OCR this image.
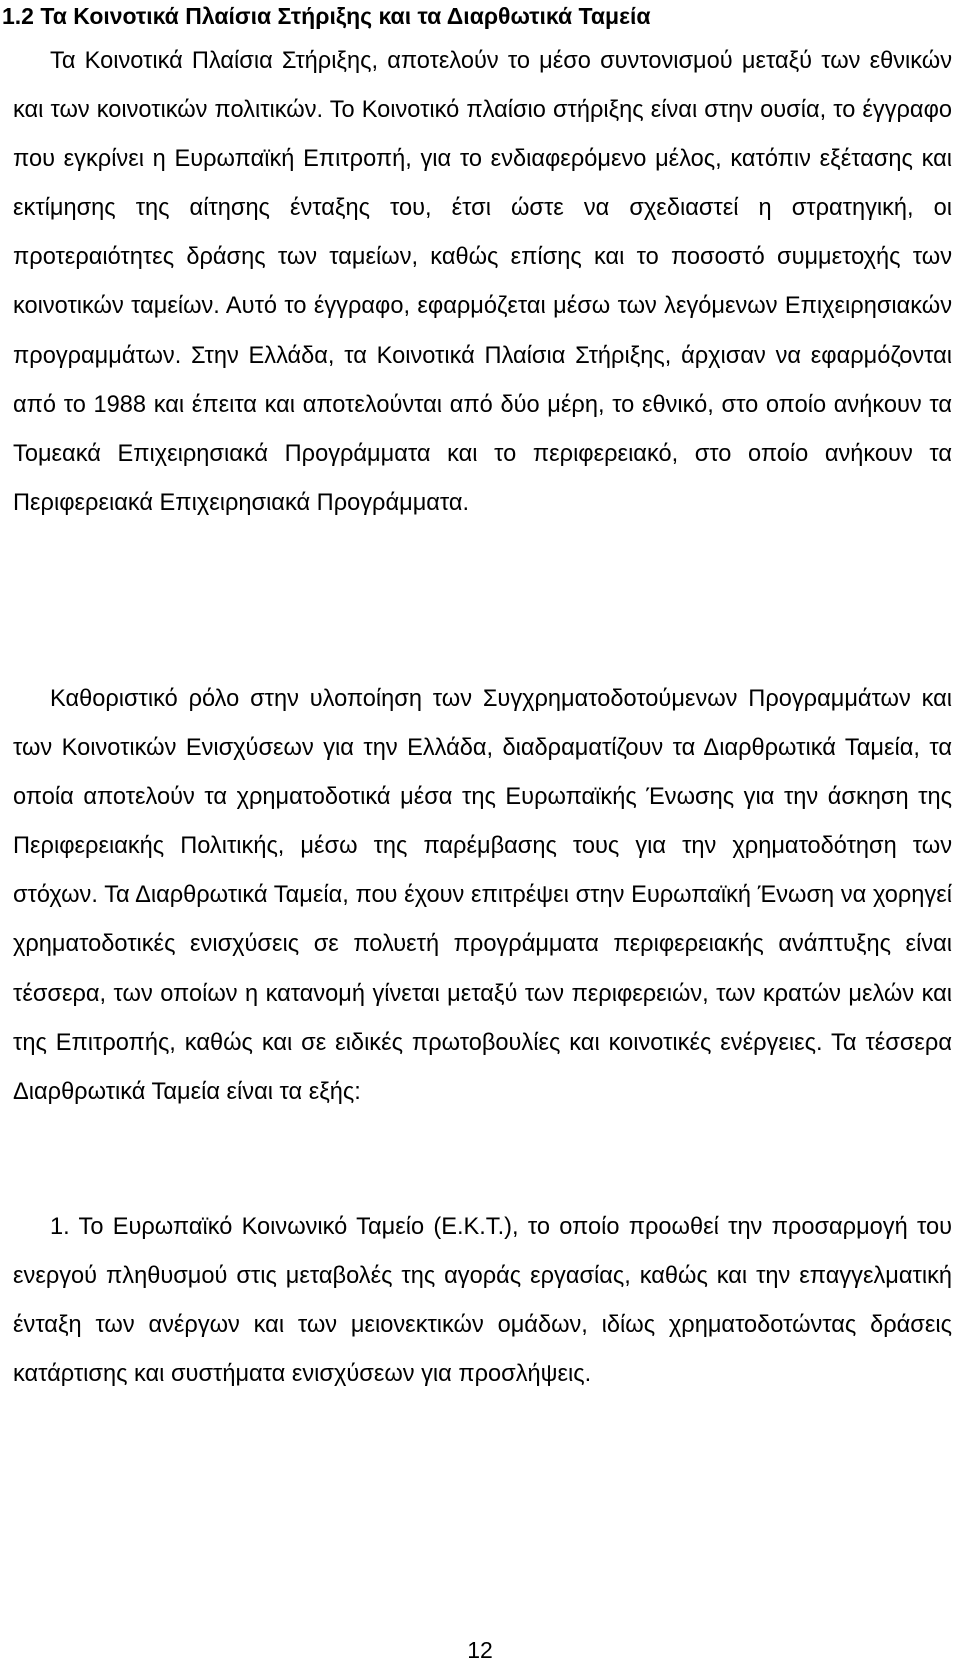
1.2 Τα Κοινοτικά Πλαίσια Στήριξης και τα Διαρθωτικά Ταμεία

Τα Κοινοτικά Πλαίσια Στήριξης, αποτελούν το μέσο συντονισμού μεταξύ των εθνικών και των κοινοτικών πολιτικών. Το Κοινοτικό πλαίσιο στήριξης είναι στην ουσία, το έγγραφο που εγκρίνει η Ευρωπαϊκή Επιτροπή, για το ενδιαφερόμενο μέλος, κατόπιν εξέτασης και εκτίμησης της αίτησης ένταξης του, έτσι ώστε να σχεδιαστεί η στρατηγική, οι προτεραιότητες δράσης των ταμείων, καθώς επίσης και το ποσοστό συμμετοχής των κοινοτικών ταμείων. Αυτό το έγγραφο, εφαρμόζεται μέσω των λεγόμενων Επιχειρησιακών προγραμμάτων. Στην Ελλάδα, τα Κοινοτικά Πλαίσια Στήριξης, άρχισαν να εφαρμόζονται από το 1988 και έπειτα και αποτελούνται από δύο μέρη, το εθνικό, στο οποίο ανήκουν τα Τομεακά Επιχειρησιακά Προγράμματα και το περιφερειακό, στο οποίο ανήκουν τα Περιφερειακά Επιχειρησιακά Προγράμματα.

Καθοριστικό ρόλο στην υλοποίηση των Συγχρηματοδοτούμενων Προγραμμάτων και των Κοινοτικών Ενισχύσεων για την Ελλάδα, διαδραματίζουν τα Διαρθρωτικά Ταμεία, τα οποία αποτελούν τα χρηματοδοτικά μέσα της Ευρωπαϊκής Ένωσης για την άσκηση της Περιφερειακής Πολιτικής, μέσω της παρέμβασης τους για την χρηματοδότηση των στόχων. Τα Διαρθρωτικά Ταμεία, που έχουν επιτρέψει στην Ευρωπαϊκή Ένωση να χορηγεί χρηματοδοτικές ενισχύσεις σε πολυετή προγράμματα περιφερειακής ανάπτυξης είναι τέσσερα, των οποίων η κατανομή γίνεται μεταξύ των περιφερειών, των κρατών μελών και της Επιτροπής, καθώς και σε ειδικές πρωτοβουλίες και κοινοτικές ενέργειες. Τα τέσσερα Διαρθρωτικά Ταμεία είναι τα εξής:

1. Το Ευρωπαϊκό Κοινωνικό Ταμείο (Ε.Κ.Τ.), το οποίο προωθεί την προσαρμογή του ενεργού πληθυσμού στις μεταβολές της αγοράς εργασίας, καθώς και την επαγγελματική ένταξη των ανέργων και των μειονεκτικών ομάδων, ιδίως χρηματοδοτώντας δράσεις κατάρτισης και συστήματα ενισχύσεων για προσλήψεις.

12
